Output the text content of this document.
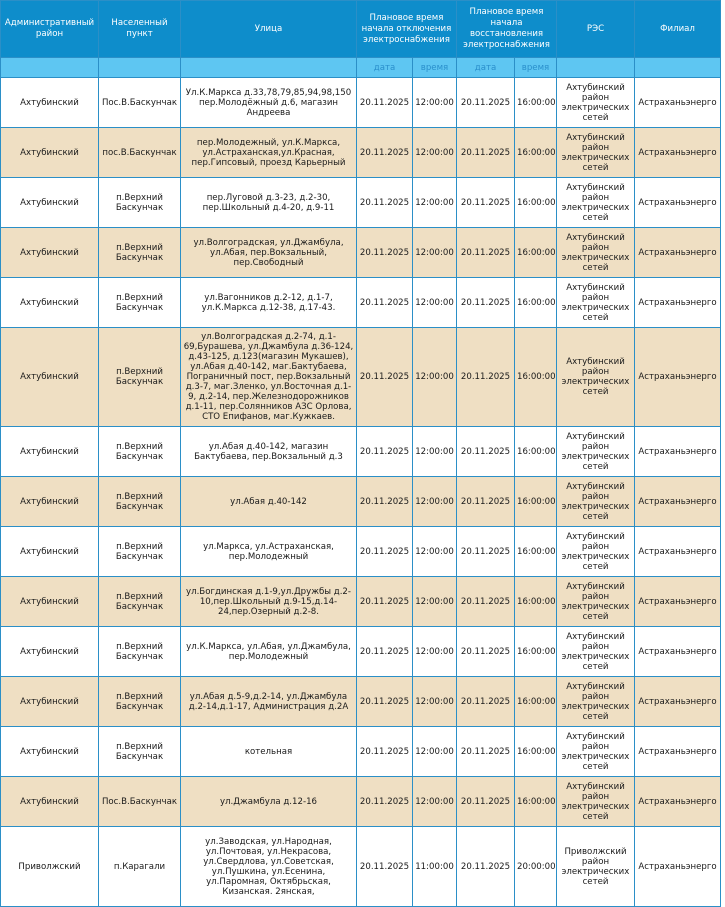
Административный район	Населенный пункт	Улица	Плановое время начала отключения электроснабжения		Плановое время начала восстановления электроснабжения		РЭС	Филиал
			дата	время	дата	время		
Ахтубинский	Пос.В.Баскунчак	Ул.К.Маркса д.33,78,79,85,94,98,150 пер.Молодёжный д.6, магазин Андреева	20.11.2025	12:00:00	20.11.2025	16:00:00	Ахтубинский район электрических сетей	Астраханьэнерго
Ахтубинский	пос.В.Баскунчак	пер.Молодежный, ул.К.Маркса, ул.Астраханская,ул.Красная, пер.Гипсовый, проезд Карьерный	20.11.2025	12:00:00	20.11.2025	16:00:00	Ахтубинский район электрических сетей	Астраханьэнерго
Ахтубинский	п.Верхний Баскунчак	пер.Луговой д.3-23, д.2-30, пер.Школьный д.4-20, д.9-11	20.11.2025	12:00:00	20.11.2025	16:00:00	Ахтубинский район электрических сетей	Астраханьэнерго
Ахтубинский	п.Верхний Баскунчак	ул.Волгоградская, ул.Джамбула, ул.Абая, пер.Вокзальный, пер.Свободный	20.11.2025	12:00:00	20.11.2025	16:00:00	Ахтубинский район электрических сетей	Астраханьэнерго
Ахтубинский	п.Верхний Баскунчак	ул.Вагонников д.2-12, д.1-7, ул.К.Маркса д.12-38, д.17-43.	20.11.2025	12:00:00	20.11.2025	16:00:00	Ахтубинский район электрических сетей	Астраханьэнерго
Ахтубинский	п.Верхний Баскунчак	ул.Волгоградская д.2-74, д.1-69,Бурашева, ул.Джамбула д.36-124, д.43-125, д.123(магазин Мукашев), ул.Абая д.40-142, маг.Бактубаева, Пограничный пост, пер.Вокзальный д.3-7, маг.Зленко, ул.Восточная д.1-9, д.2-14, пер.Железнодорожников д.1-11, пер.Солянников АЗС Орлова, СТО Епифанов, маг.Кужкаев.	20.11.2025	12:00:00	20.11.2025	16:00:00	Ахтубинский район электрических сетей	Астраханьэнерго
Ахтубинский	п.Верхний Баскунчак	ул.Абая д.40-142, магазин Бактубаева, пер.Вокзальный д.3	20.11.2025	12:00:00	20.11.2025	16:00:00	Ахтубинский район электрических сетей	Астраханьэнерго
Ахтубинский	п.Верхний Баскунчак	ул.Абая д.40-142	20.11.2025	12:00:00	20.11.2025	16:00:00	Ахтубинский район электрических сетей	Астраханьэнерго
Ахтубинский	п.Верхний Баскунчак	ул.Маркса, ул.Астраханская, пер.Молодежный	20.11.2025	12:00:00	20.11.2025	16:00:00	Ахтубинский район электрических сетей	Астраханьэнерго
Ахтубинский	п.Верхний Баскунчак	ул.Богдинская д.1-9,ул.Дружбы д.2-10,пер.Школьный д.9-15,д.14-24,пер.Озерный д.2-8.	20.11.2025	12:00:00	20.11.2025	16:00:00	Ахтубинский район электрических сетей	Астраханьэнерго
Ахтубинский	п.Верхний Баскунчак	ул.К.Маркса, ул.Абая, ул.Джамбула, пер.Молодежный	20.11.2025	12:00:00	20.11.2025	16:00:00	Ахтубинский район электрических сетей	Астраханьэнерго
Ахтубинский	п.Верхний Баскунчак	ул.Абая д.5-9,д.2-14, ул.Джамбула д.2-14,д.1-17, Администрация д.2А	20.11.2025	12:00:00	20.11.2025	16:00:00	Ахтубинский район электрических сетей	Астраханьэнерго
Ахтубинский	п.Верхний Баскунчак	котельная	20.11.2025	12:00:00	20.11.2025	16:00:00	Ахтубинский район электрических сетей	Астраханьэнерго
Ахтубинский	Пос.В.Баскунчак	ул.Джамбула д.12-16	20.11.2025	12:00:00	20.11.2025	16:00:00	Ахтубинский район электрических сетей	Астраханьэнерго
Приволжский	п.Карагали	ул.Заводская, ул.Народная, ул.Почтовая, ул.Некрасова, ул.Свердлова, ул.Советская, ул.Пушкина, ул.Есенина, ул.Паромная, Октябрьская, Кизанская. 2янская,	20.11.2025	11:00:00	20.11.2025	20:00:00	Приволжский район электрических сетей	Астраханьэнерго
